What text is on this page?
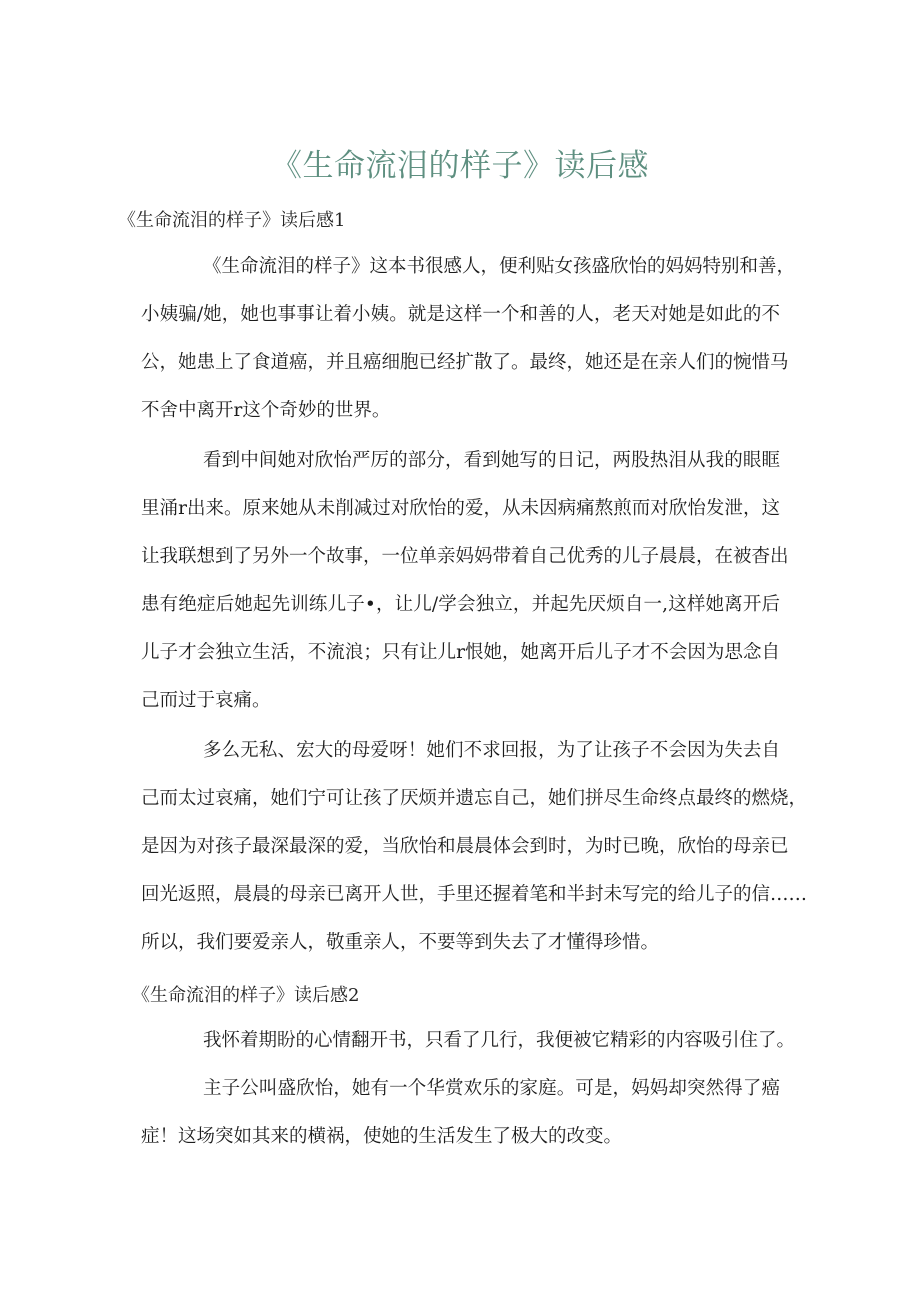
《生命流泪的样子》读后感

《生命流泪的样子》读后感1

《生命流泪的样子》这本书很感人，便利贴女孩盛欣怡的妈妈特别和善，

小姨骗/她，她也事事让着小姨。就是这样一个和善的人，老天对她是如此的不

公，她患上了食道癌，并且癌细胞已经扩散了。最终，她还是在亲人们的惋惜马

不舍中离开r这个奇妙的世界。

看到中间她对欣怡严厉的部分，看到她写的日记，两股热泪从我的眼眶

里涌r出来。原来她从未削减过对欣怡的爱，从未因病痛熬煎而对欣怡发泄，这

让我联想到了另外一个故事，一位单亲妈妈带着自己优秀的儿子晨晨，在被杳出

患有绝症后她起先训练儿子•，让儿/学会独立，并起先厌烦自一,这样她离开后

儿子才会独立生活，不流浪；只有让儿r恨她，她离开后儿子才不会因为思念自

己而过于哀痛。

多么无私、宏大的母爱呀！她们不求回报，为了让孩子不会因为失去自

己而太过哀痛，她们宁可让孩了厌烦并遗忘自己，她们拼尽生命终点最终的燃烧，

是因为对孩子最深最深的爱，当欣怡和晨晨体会到时，为时已晚，欣怡的母亲已

回光返照，晨晨的母亲已离开人世，手里还握着笔和半封未写完的给儿子的信……

所以，我们要爱亲人，敬重亲人，不要等到失去了才懂得珍惜。

《生命流泪的样子》读后感2

我怀着期盼的心情翻开书，只看了几行，我便被它精彩的内容吸引住了。

主子公叫盛欣怡，她有一个华赏欢乐的家庭。可是，妈妈却突然得了癌

症！这场突如其来的横祸，使她的生活发生了极大的改变。
